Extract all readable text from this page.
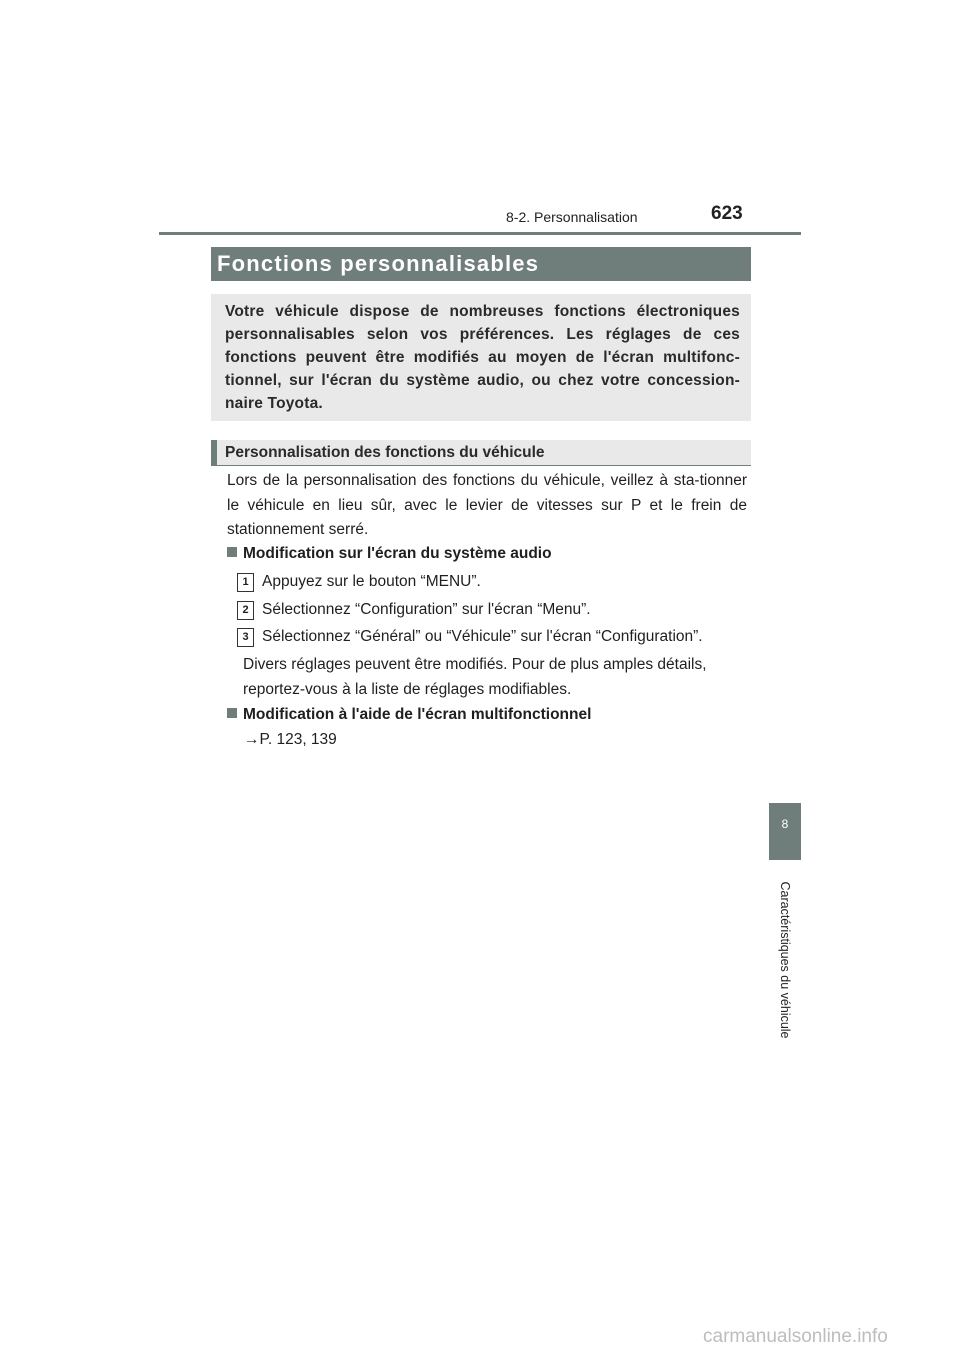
8-2. Personnalisation	623
Fonctions personnalisables

Votre véhicule dispose de nombreuses fonctions électroniques personnalisables selon vos préférences. Les réglages de ces fonctions peuvent être modifiés au moyen de l'écran multifonc-tionnel, sur l'écran du système audio, ou chez votre concession-naire Toyota.

Personnalisation des fonctions du véhicule

Lors de la personnalisation des fonctions du véhicule, veillez à sta-tionner le véhicule en lieu sûr, avec le levier de vitesses sur P et le frein de stationnement serré.

Modification sur l'écran du système audio
1 Appuyez sur le bouton “MENU”.
2 Sélectionnez “Configuration” sur l'écran “Menu”.
3 Sélectionnez “Général” ou “Véhicule” sur l'écran “Configuration”.

Divers réglages peuvent être modifiés. Pour de plus amples détails, reportez-vous à la liste de réglages modifiables.

Modification à l'aide de l'écran multifonctionnel
→P. 123, 139
8
Caractéristiques du véhicule
carmanualsonline.info
